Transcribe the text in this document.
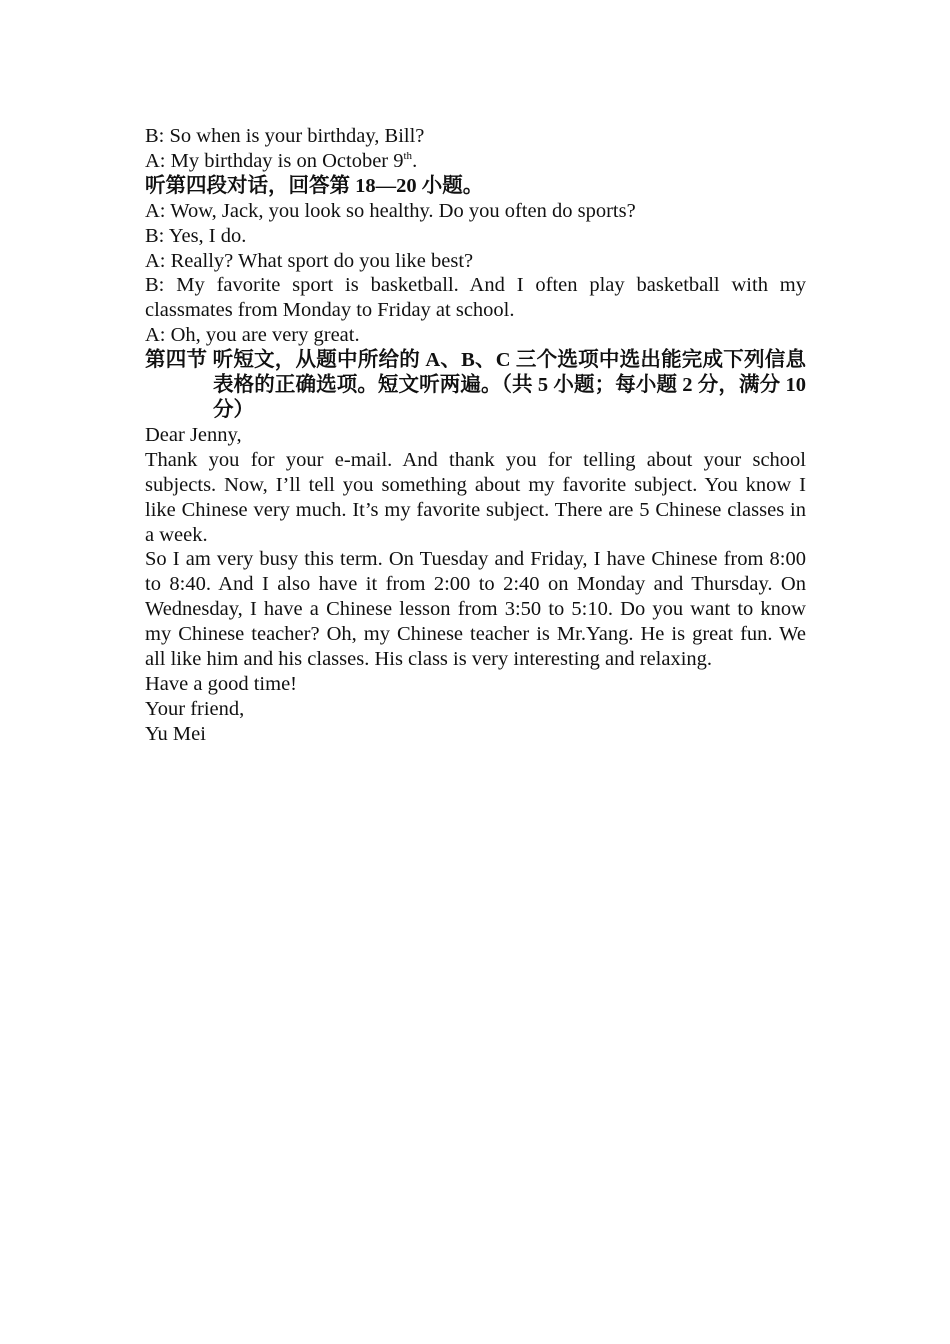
B: So when is your birthday, Bill?

A: My birthday is on October 9th.

听第四段对话，回答第 18—20 小题。

A: Wow, Jack, you look so healthy. Do you often do sports?

B: Yes, I do.

A: Really? What sport do you like best?

B: My favorite sport is basketball. And I often play basketball with my classmates from Monday to Friday at school.

A: Oh, you are very great.

第四节 听短文，从题中所给的 A、B、C 三个选项中选出能完成下列信息表格的正确选项。短文听两遍。（共 5 小题；每小题 2 分，满分 10 分）

Dear Jenny,

Thank you for your e-mail. And thank you for telling about your school subjects. Now, I’ll tell you something about my favorite subject. You know I like Chinese very much. It’s my favorite subject. There are 5 Chinese classes in a week.

So I am very busy this term. On Tuesday and Friday, I have Chinese from 8:00 to 8:40. And I also have it from 2:00 to 2:40 on Monday and Thursday. On Wednesday, I have a Chinese lesson from 3:50 to 5:10. Do you want to know my Chinese teacher? Oh, my Chinese teacher is Mr.Yang. He is great fun. We all like him and his classes. His class is very interesting and relaxing.

Have a good time!

Your friend,

Yu Mei
